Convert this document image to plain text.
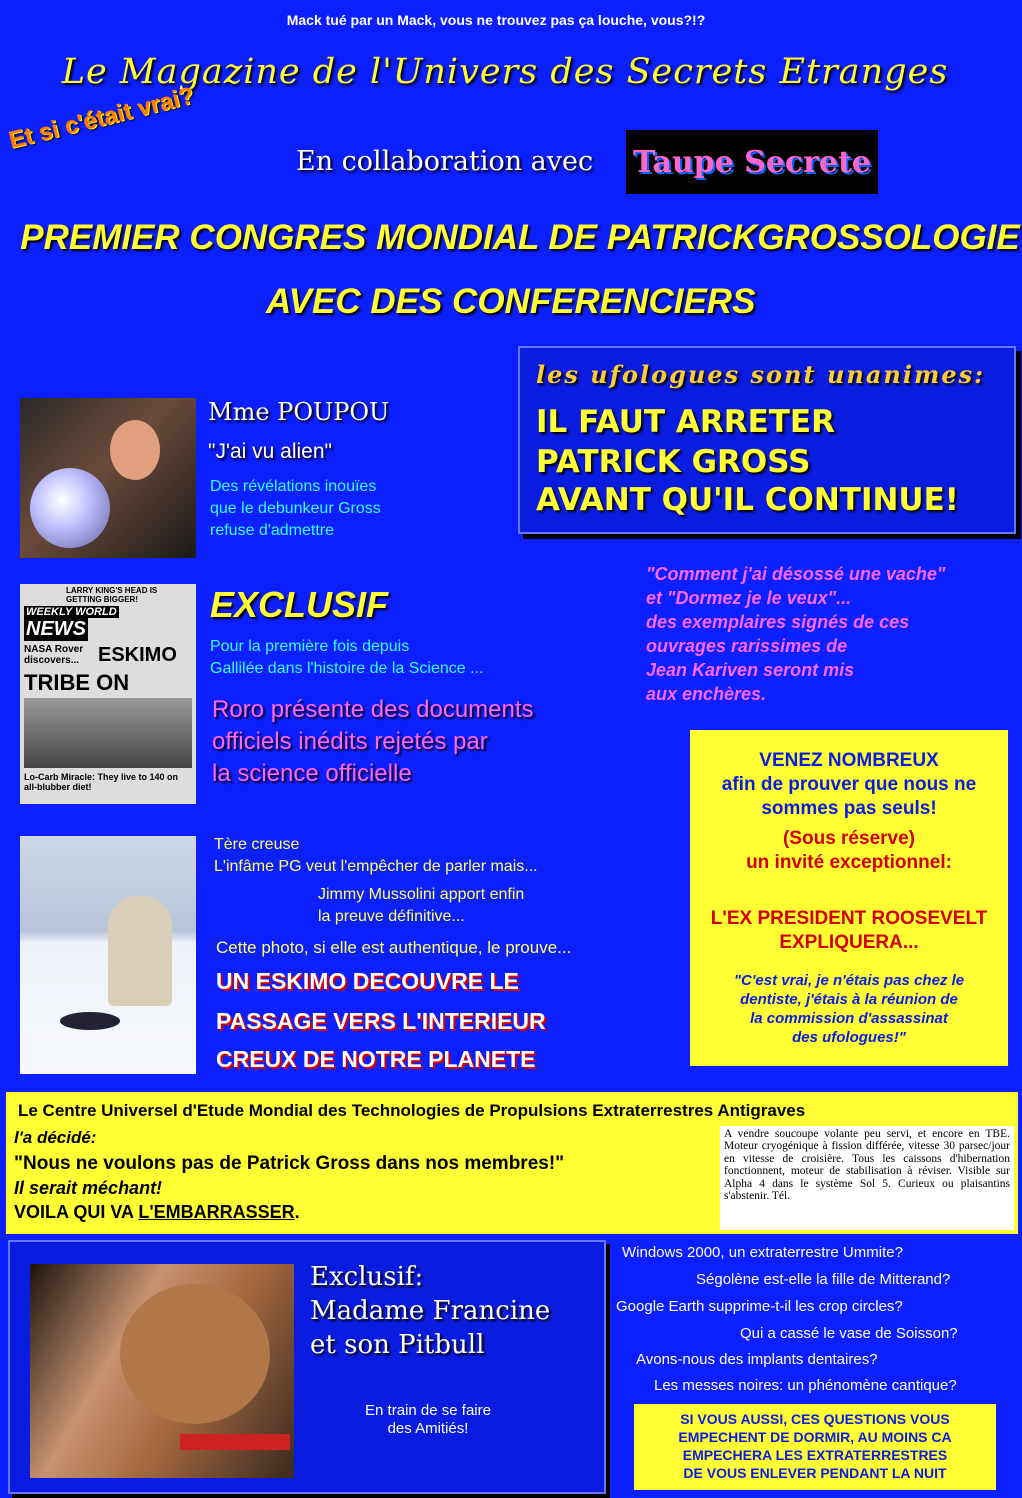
Mack tué par un Mack, vous ne trouvez pas ça louche, vous?!?
Le Magazine de l'Univers des Secrets Etranges
Et si c'était vrai?
En collaboration avec Taupe Secrete
PREMIER CONGRES MONDIAL DE PATRICKGROSSOLOGIE
AVEC DES CONFERENCIERS
les ufologues sont unanimes:
IL FAUT ARRETER
PATRICK GROSS
AVANT QU'IL CONTINUE!
Mme POUPOU
"J'ai vu alien"
Des révélations inouïes
que le debunkeur Gross
refuse d'admettre
LARRY KING'S HEAD IS GETTING BIGGER!
WEEKLY WORLD
NEWS
NASA Rover discovers... ESKIMO
TRIBE ON
Lo-Carb Miracle: They live to 140 on all-blubber diet!
EXCLUSIF
Pour la première fois depuis
Gallilée dans l'histoire de la Science ...
Roro présente des documents
officiels inédits rejetés par
la science officielle
"Comment j'ai désossé une vache"
et "Dormez je le veux"...
des exemplaires signés de ces
ouvrages rarissimes de
Jean Kariven seront mis
aux enchères.
VENEZ NOMBREUX
afin de prouver que nous ne
sommes pas seuls!
(Sous réserve)
un invité exceptionnel:
L'EX PRESIDENT ROOSEVELT
EXPLIQUERA...
"C'est vrai, je n'étais pas chez le
dentiste, j'étais à la réunion de
la commission d'assassinat
des ufologues!"
Tère creuse
L'infâme PG veut l'empêcher de parler mais...
Jimmy Mussolini apport enfin
la preuve définitive...
Cette photo, si elle est authentique, le prouve...
UN ESKIMO DECOUVRE LE
PASSAGE VERS L'INTERIEUR
CREUX DE NOTRE PLANETE
Le Centre Universel d'Etude Mondial des Technologies de Propulsions Extraterrestres Antigraves
l'a décidé:
"Nous ne voulons pas de Patrick Gross dans nos membres!"
Il serait méchant!
VOILA QUI VA L'EMBARRASSER.
A vendre soucoupe volante peu servi, et encore en TBE. Moteur cryogénique à fission différée, vitesse 30 parsec/jour en vitesse de croisière. Tous les caissons d'hibernation fonctionnent, moteur de stabilisation à réviser. Visible sur Alpha 4 dans le système Sol 5. Curieux ou plaisantins s'abstenir. Tél.
Exclusif:
Madame Francine
et son Pitbull
En train de se faire
des Amitiés!
Windows 2000, un extraterrestre Ummite?
Ségolène est-elle la fille de Mitterand?
Google Earth supprime-t-il les crop circles?
Qui a cassé le vase de Soisson?
Avons-nous des implants dentaires?
Les messes noires: un phénomène cantique?
SI VOUS AUSSI, CES QUESTIONS VOUS
EMPECHENT DE DORMIR, AU MOINS CA
EMPECHERA LES EXTRATERRESTRES
DE VOUS ENLEVER PENDANT LA NUIT
